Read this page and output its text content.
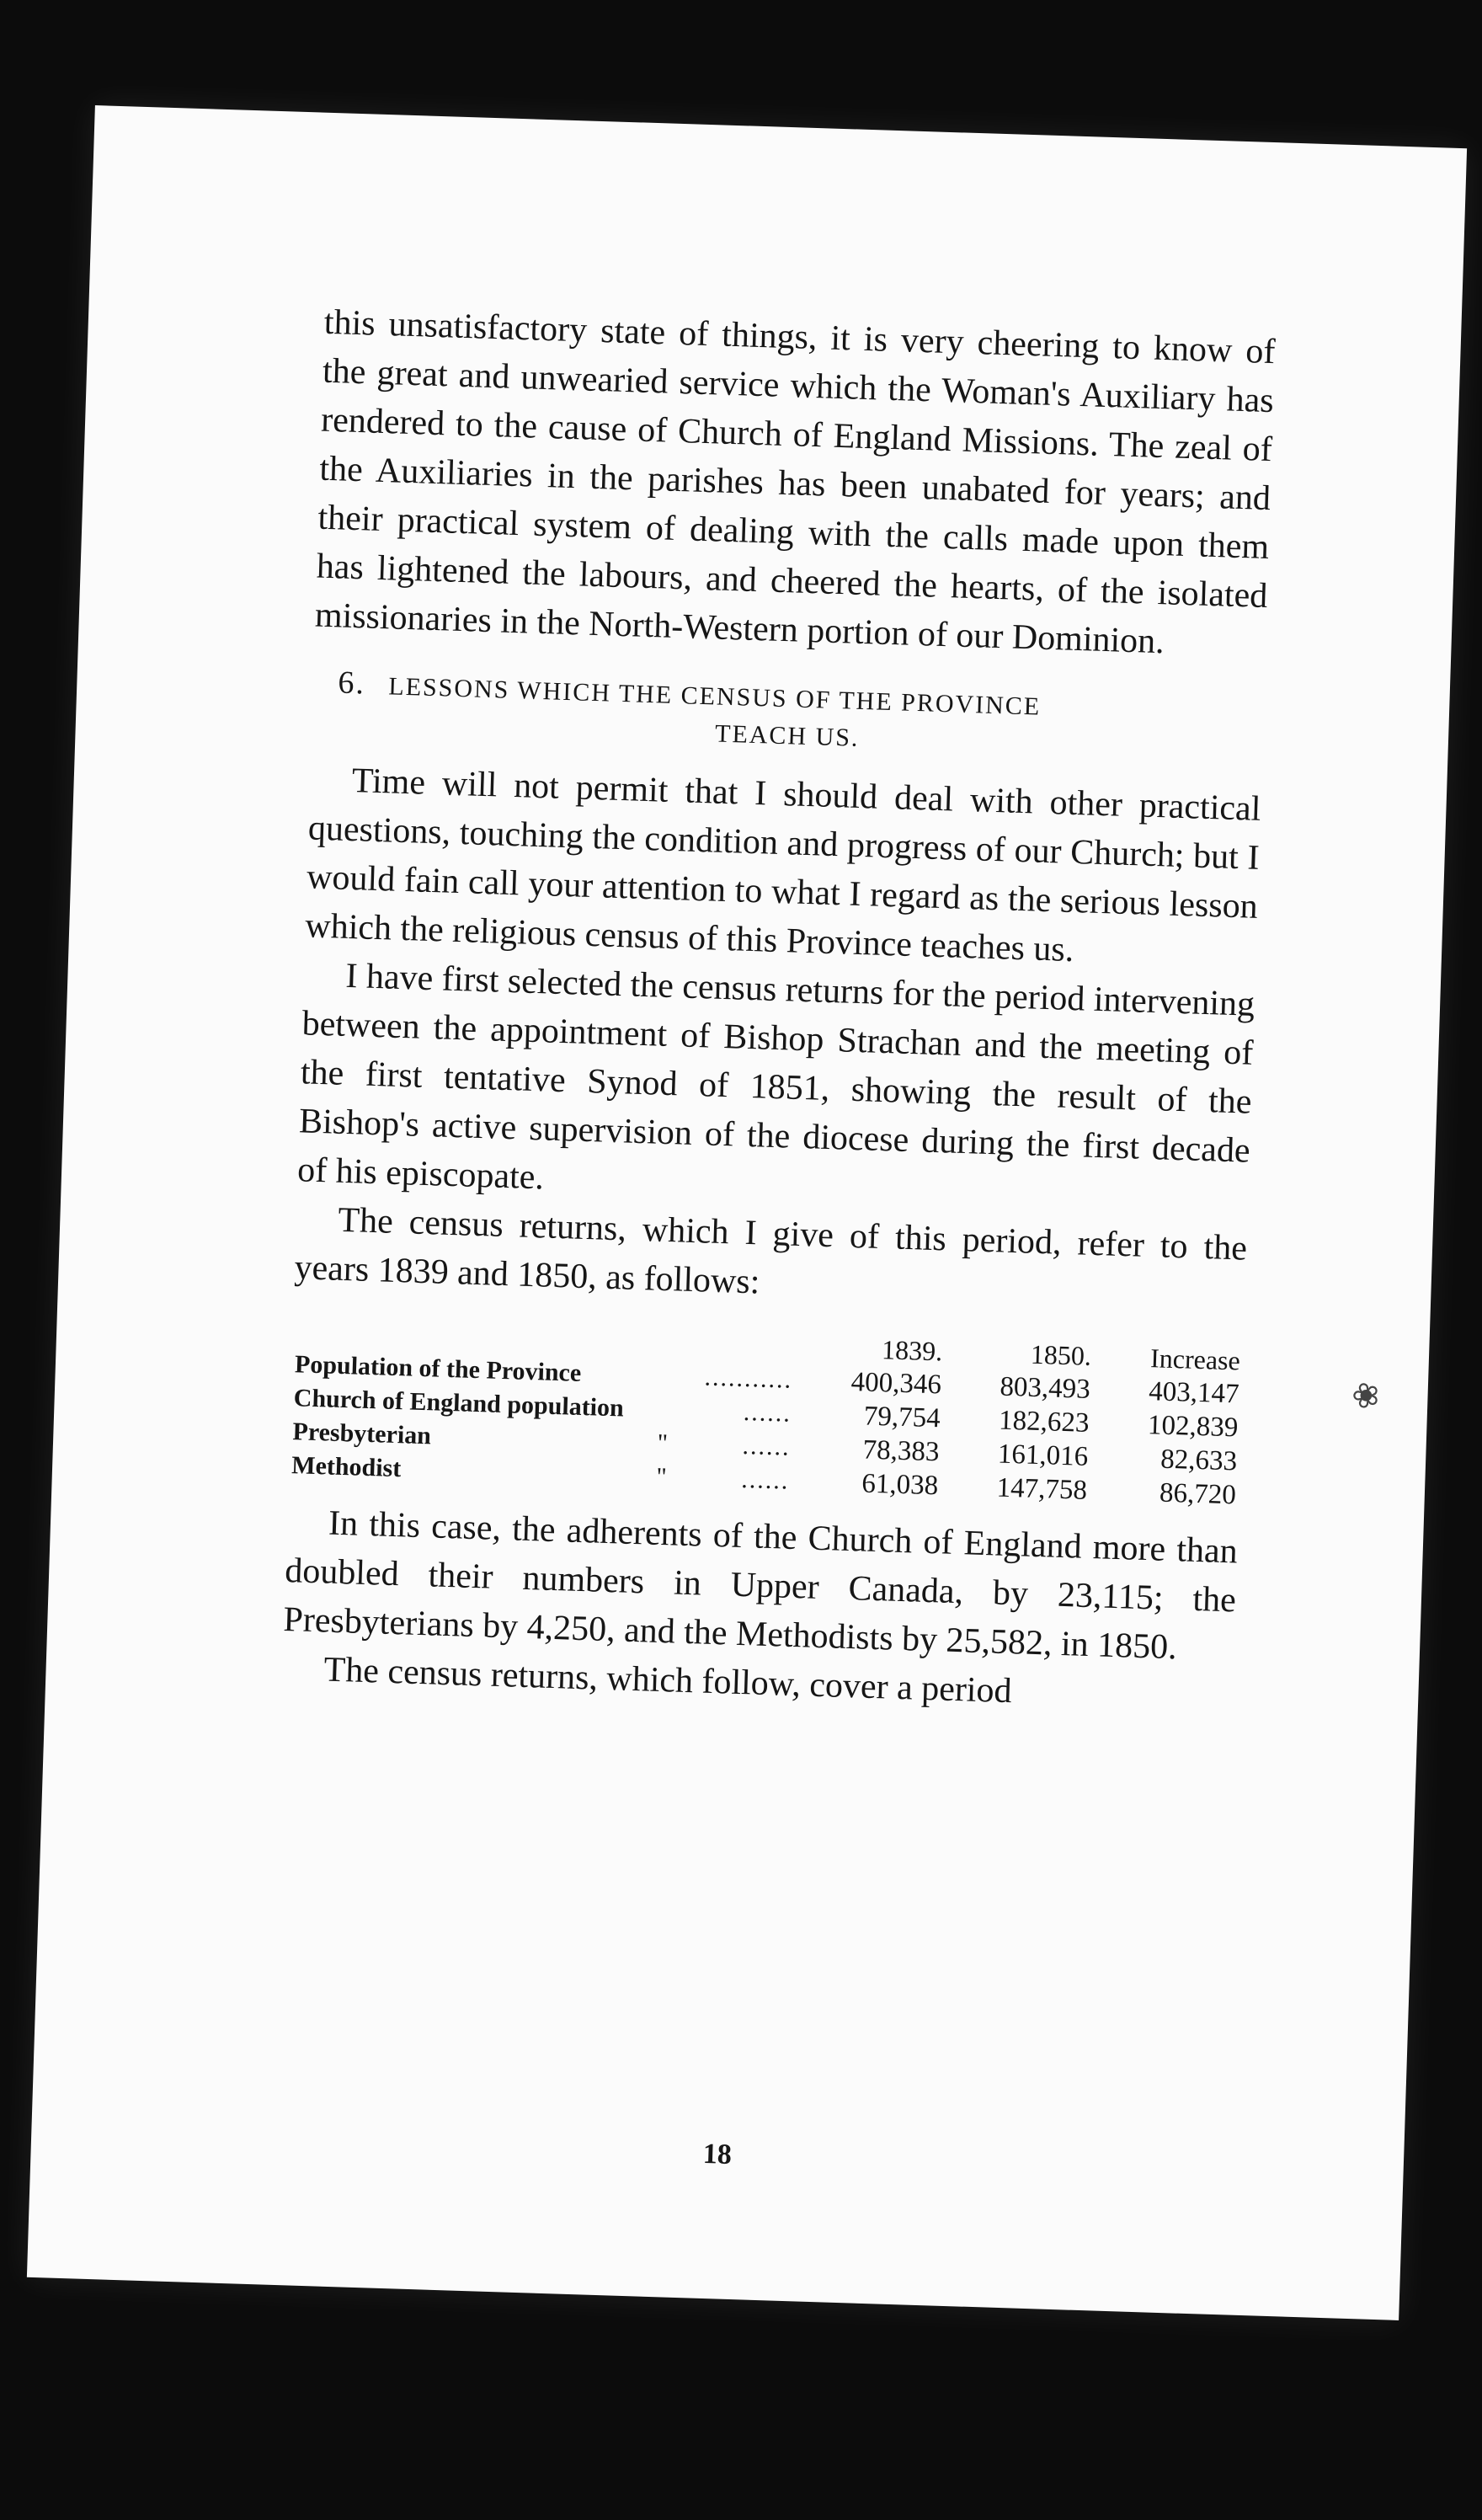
this unsatisfactory state of things, it is very cheering to know of the great and unwearied service which the Woman's Auxiliary has rendered to the cause of Church of England Missions. The zeal of the Auxiliaries in the parishes has been unabated for years; and their practical system of dealing with the calls made upon them has lightened the labours, and cheered the hearts, of the isolated missionaries in the North-Western portion of our Dominion.

6. LESSONS WHICH THE CENSUS OF THE PROVINCE
TEACH US.

Time will not permit that I should deal with other practical questions, touching the condition and progress of our Church; but I would fain call your attention to what I regard as the serious lesson which the religious census of this Province teaches us.

I have first selected the census returns for the period intervening between the appointment of Bishop Strachan and the meeting of the first tentative Synod of 1851, showing the result of the Bishop's active supervision of the diocese during the first decade of his episcopate.

The census returns, which I give of this period, refer to the years 1839 and 1850, as follows:

			1839.	1850.	Increase
Population of the Province		...........	400,346	803,493	403,147
Church of England population		......	79,754	182,623	102,839
Presbyterian	"	......	78,383	161,016	82,633
Methodist	"	......	61,038	147,758	86,720

In this case, the adherents of the Church of England more than doubled their numbers in Upper Canada, by 23,115; the Presbyterians by 4,250, and the Methodists by 25,582, in 1850.

The census returns, which follow, cover a period

❀
18
